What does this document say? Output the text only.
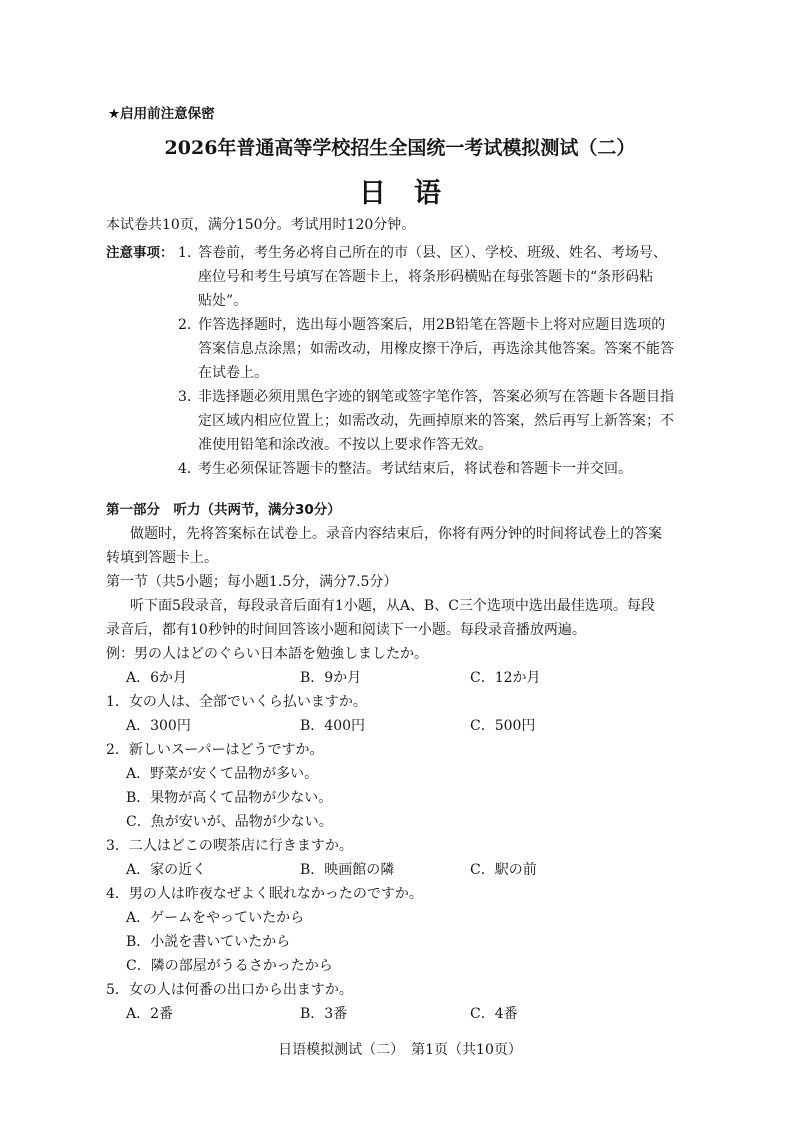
★启用前注意保密
2026年普通高等学校招生全国统一考试模拟测试（二）
日语
本试卷共10页，满分150分。考试用时120分钟。
注意事项： 1. 答卷前，考生务必将自己所在的市（县、区）、学校、班级、姓名、考场号、
座位号和考生号填写在答题卡上，将条形码横贴在每张答题卡的“条形码粘
贴处”。
2. 作答选择题时，选出每小题答案后，用2B铅笔在答题卡上将对应题目选项的
答案信息点涂黑；如需改动，用橡皮擦干净后，再选涂其他答案。答案不能答
在试卷上。
3. 非选择题必须用黑色字迹的钢笔或签字笔作答，答案必须写在答题卡各题目指
定区域内相应位置上；如需改动，先画掉原来的答案，然后再写上新答案；不
准使用铅笔和涂改液。不按以上要求作答无效。
4. 考生必须保证答题卡的整洁。考试结束后，将试卷和答题卡一并交回。
第一部分　听力（共两节，满分30分）
做题时，先将答案标在试卷上。录音内容结束后，你将有两分钟的时间将试卷上的答案
转填到答题卡上。
第一节（共5小题；每小题1.5分，满分7.5分）
听下面5段录音，每段录音后面有1小题，从A、B、C三个选项中选出最佳选项。每段
录音后，都有10秒钟的时间回答该小题和阅读下一小题。每段录音播放两遍。
例：男の人はどのぐらい日本語を勉強しましたか。
A．6か月	B．9か月	C．12か月
1．女の人は、全部でいくら払いますか。
A．300円	B．400円	C．500円
2．新しいスーパーはどうですか。
A．野菜が安くて品物が多い。
B．果物が高くて品物が少ない。
C．魚が安いが、品物が少ない。
3．二人はどこの喫茶店に行きますか。
A．家の近く	B．映画館の隣	C．駅の前
4．男の人は昨夜なぜよく眠れなかったのですか。
A．ゲームをやっていたから
B．小説を書いていたから
C．隣の部屋がうるさかったから
5．女の人は何番の出口から出ますか。
A．2番	B．3番	C．4番
日语模拟测试（二）　第1页（共10页）
